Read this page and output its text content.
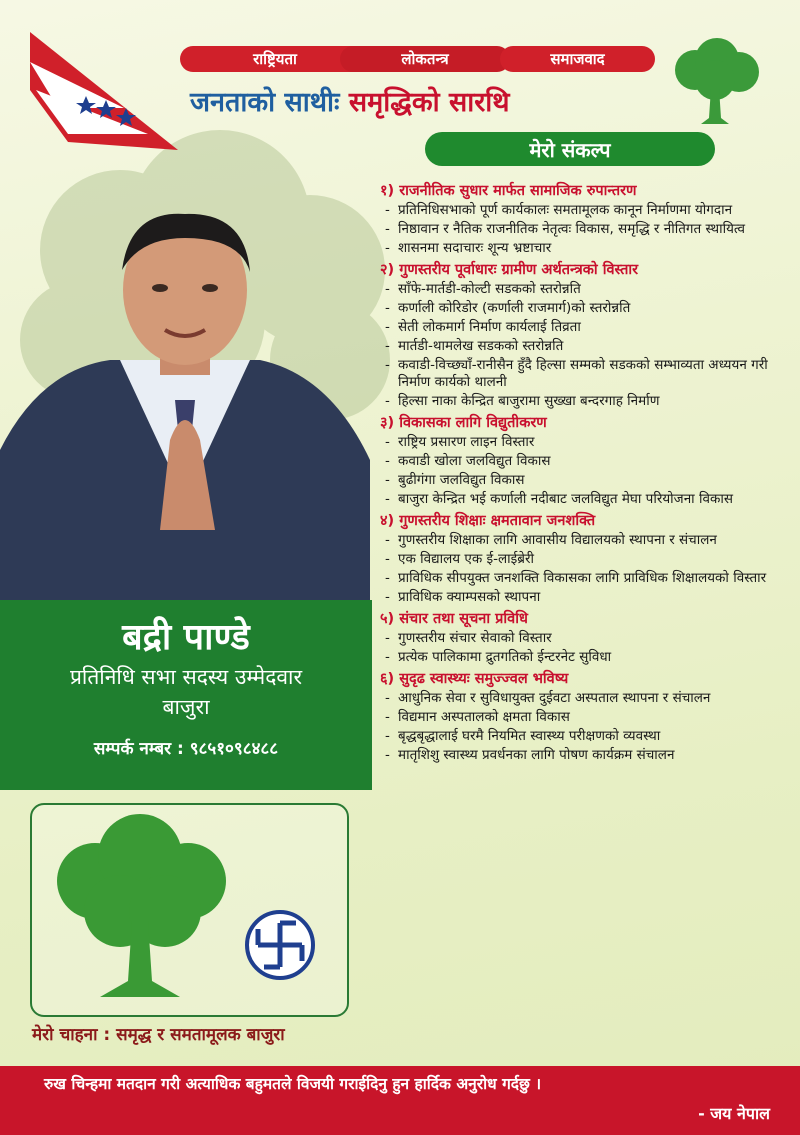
राष्ट्रियता	लोकतन्त्र	समाजवाद
जनताको साथीः समृद्धिको सारथि
मेरो संकल्प
१) राजनीतिक सुधार मार्फत सामाजिक रुपान्तरण
- प्रतिनिधिसभाको पूर्ण कार्यकालः समतामूलक कानून निर्माणमा योगदान
- निष्ठावान र नैतिक राजनीतिक नेतृत्वः विकास, समृद्धि र नीतिगत स्थायित्व
- शासनमा सदाचारः शून्य भ्रष्टाचार
२) गुणस्तरीय पूर्वाधारः ग्रामीण अर्थतन्त्रको विस्तार
- साँफे-मार्तडी-कोल्टी सडकको स्तरोन्नति
- कर्णाली कोरिडोर (कर्णाली राजमार्ग)को स्तरोन्नति
- सेती लोकमार्ग निर्माण कार्यलाई तिव्रता
- मार्तडी-थामलेख सडकको स्तरोन्नति
- कवाडी-विच्छ्याँ-रानीसैन हुँदै हिल्सा सम्मको सडकको सम्भाव्यता अध्ययन गरी निर्माण कार्यको थालनी
- हिल्सा नाका केन्द्रित बाजुरामा सुख्खा बन्दरगाह निर्माण
३) विकासका लागि विद्युतीकरण
- राष्ट्रिय प्रसारण लाइन विस्तार
- कवाडी खोला जलविद्युत विकास
- बुढीगंगा जलविद्युत विकास
- बाजुरा केन्द्रित भई कर्णाली नदीबाट जलविद्युत मेघा परियोजना विकास
४) गुणस्तरीय शिक्षाः क्षमतावान जनशक्ति
- गुणस्तरीय शिक्षाका लागि आवासीय विद्यालयको स्थापना र संचालन
- एक विद्यालय एक ई-लाईब्रेरी
- प्राविधिक सीपयुक्त जनशक्ति विकासका लागि प्राविधिक शिक्षालयको विस्तार
- प्राविधिक क्याम्पसको स्थापना
५) संचार तथा सूचना प्रविधि
- गुणस्तरीय संचार सेवाको विस्तार
- प्रत्येक पालिकामा द्रुतगतिको ईन्टरनेट सुविधा
६) सुदृढ स्वास्थ्यः समुज्ज्वल भविष्य
- आधुनिक सेवा र सुविधायुक्त दुईवटा अस्पताल स्थापना र संचालन
- विद्यमान अस्पतालको क्षमता विकास
- बृद्धबृद्धालाई घरमै नियमित स्वास्थ्य परीक्षणको व्यवस्था
- मातृशिशु स्वास्थ्य प्रवर्धनका लागि पोषण कार्यक्रम संचालन
बद्री पाण्डे
प्रतिनिधि सभा सदस्य उम्मेदवार
बाजुरा
सम्पर्क नम्बर : ९८५१०९८४८८
मेरो चाहना : समृद्ध र समतामूलक बाजुरा
रुख चिन्हमा मतदान गरी अत्याधिक बहुमतले विजयी गराईदिनु हुन हार्दिक अनुरोध गर्दछु ।
- जय नेपाल
